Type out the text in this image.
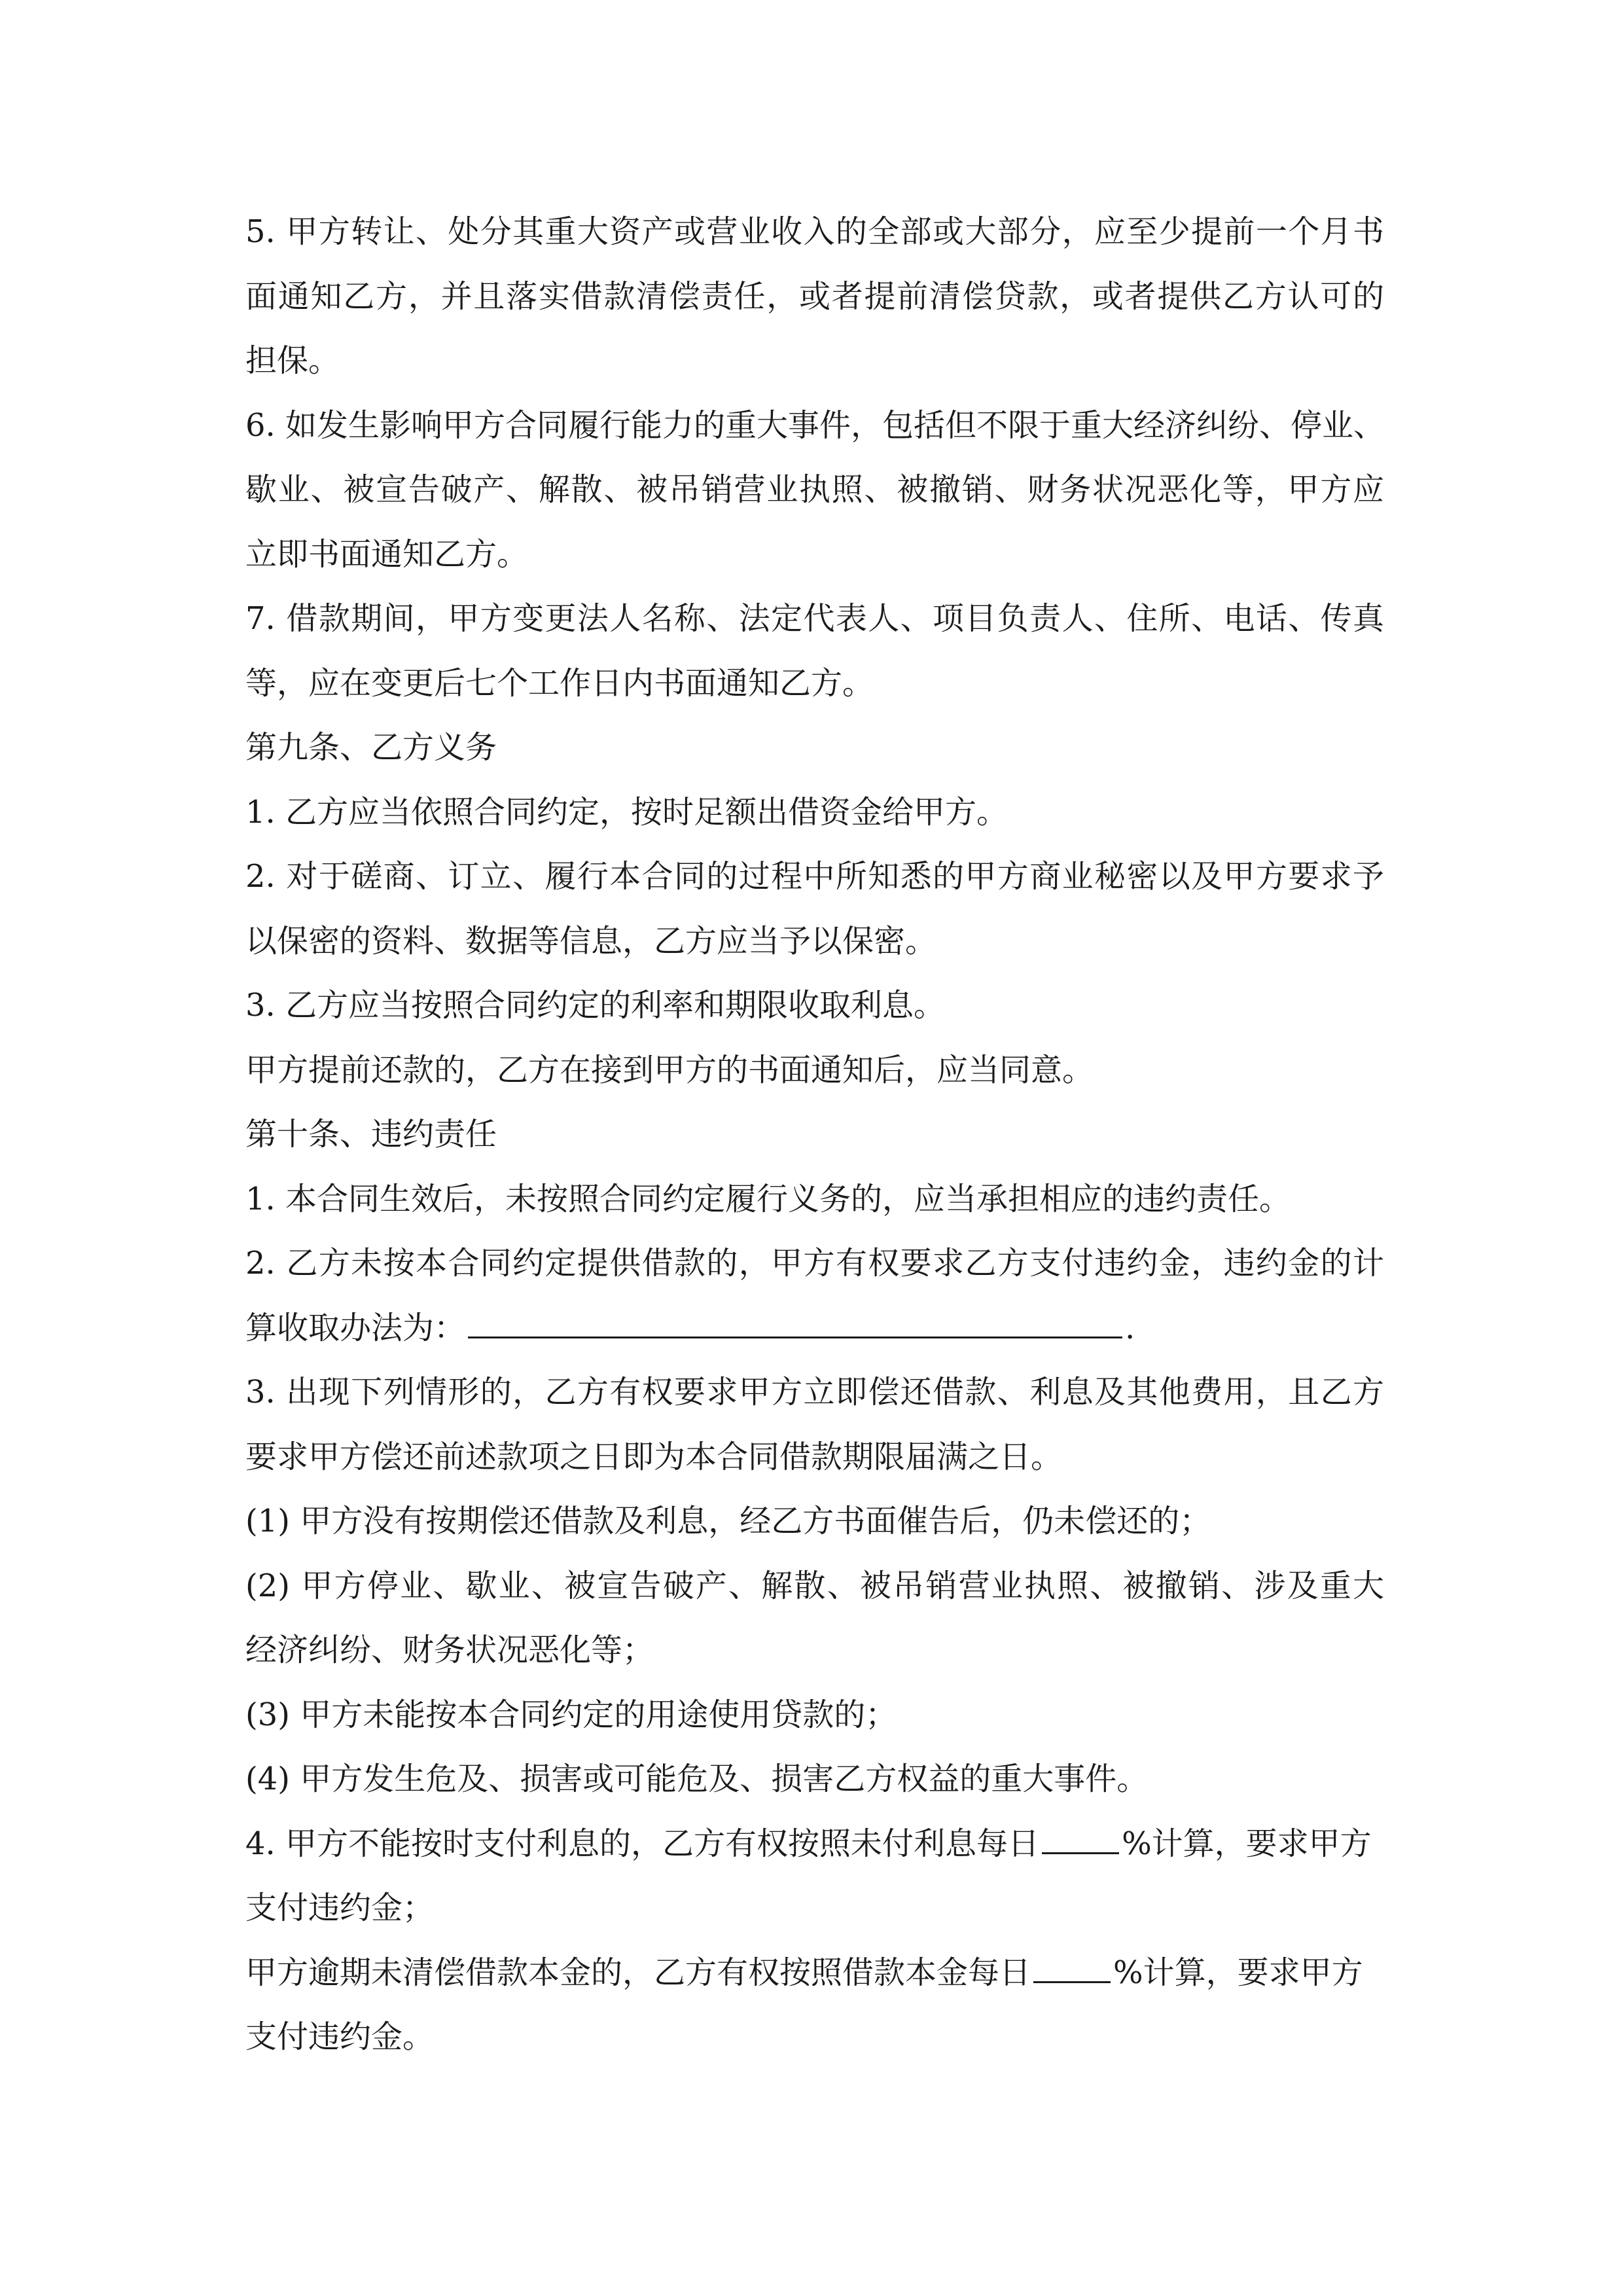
5. 甲方转让、处分其重大资产或营业收入的全部或大部分，应至少提前一个月书
面通知乙方，并且落实借款清偿责任，或者提前清偿贷款，或者提供乙方认可的
担保。
6. 如发生影响甲方合同履行能力的重大事件，包括但不限于重大经济纠纷、停业、
歇业、被宣告破产、解散、被吊销营业执照、被撤销、财务状况恶化等，甲方应
立即书面通知乙方。
7. 借款期间，甲方变更法人名称、法定代表人、项目负责人、住所、电话、传真
等，应在变更后七个工作日内书面通知乙方。
第九条、乙方义务
1. 乙方应当依照合同约定，按时足额出借资金给甲方。
2. 对于磋商、订立、履行本合同的过程中所知悉的甲方商业秘密以及甲方要求予
以保密的资料、数据等信息，乙方应当予以保密。
3. 乙方应当按照合同约定的利率和期限收取利息。
甲方提前还款的，乙方在接到甲方的书面通知后，应当同意。
第十条、违约责任
1. 本合同生效后，未按照合同约定履行义务的，应当承担相应的违约责任。
2. 乙方未按本合同约定提供借款的，甲方有权要求乙方支付违约金，违约金的计
算收取办法为：	.
3. 出现下列情形的，乙方有权要求甲方立即偿还借款、利息及其他费用，且乙方
要求甲方偿还前述款项之日即为本合同借款期限届满之日。
(1) 甲方没有按期偿还借款及利息，经乙方书面催告后，仍未偿还的；
(2) 甲方停业、歇业、被宣告破产、解散、被吊销营业执照、被撤销、涉及重大
经济纠纷、财务状况恶化等；
(3) 甲方未能按本合同约定的用途使用贷款的；
(4) 甲方发生危及、损害或可能危及、损害乙方权益的重大事件。
4. 甲方不能按时支付利息的，乙方有权按照未付利息每日	%计算，要求甲方
支付违约金；
甲方逾期未清偿借款本金的，乙方有权按照借款本金每日	%计算，要求甲方
支付违约金。
